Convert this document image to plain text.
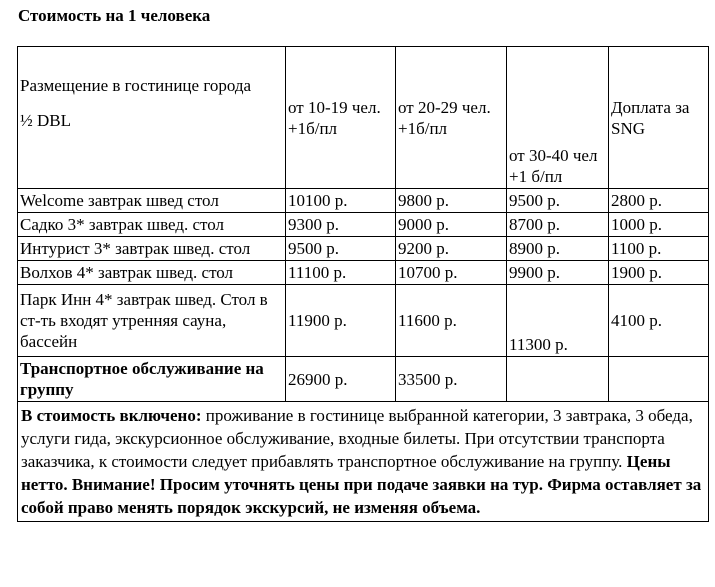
Стоимость на 1 человека
Размещение в гостинице города
½ DBL	от 10-19 чел. +1б/пл	от 20-29 чел. +1б/пл	от 30-40 чел +1 б/пл	Доплата за SNG
Welcome завтрак швед стол	10100 р.	9800 р.	9500 р.	2800 р.
Садко 3* завтрак швед. стол	9300 р.	9000 р.	8700 р.	1000 р.
Интурист 3* завтрак швед. стол	9500 р.	9200 р.	8900 р.	1100 р.
Волхов 4* завтрак швед. стол	11100 р.	10700 р.	9900 р.	1900 р.
Парк Инн 4* завтрак швед. Стол в ст-ть входят утренняя сауна, бассейн	11900 р.	11600 р.	11300 р.	4100 р.
Транспортное обслуживание на группу	26900 р.	33500 р.		
В стоимость включено: проживание в гостинице выбранной категории, 3 завтрака, 3 обеда, услуги гида, экскурсионное обслуживание, входные билеты. При отсутствии транспорта заказчика, к стоимости следует прибавлять транспортное обслуживание на группу. Цены нетто. Внимание! Просим уточнять цены при подаче заявки на тур. Фирма оставляет за собой право менять порядок экскурсий, не изменяя объема.				
